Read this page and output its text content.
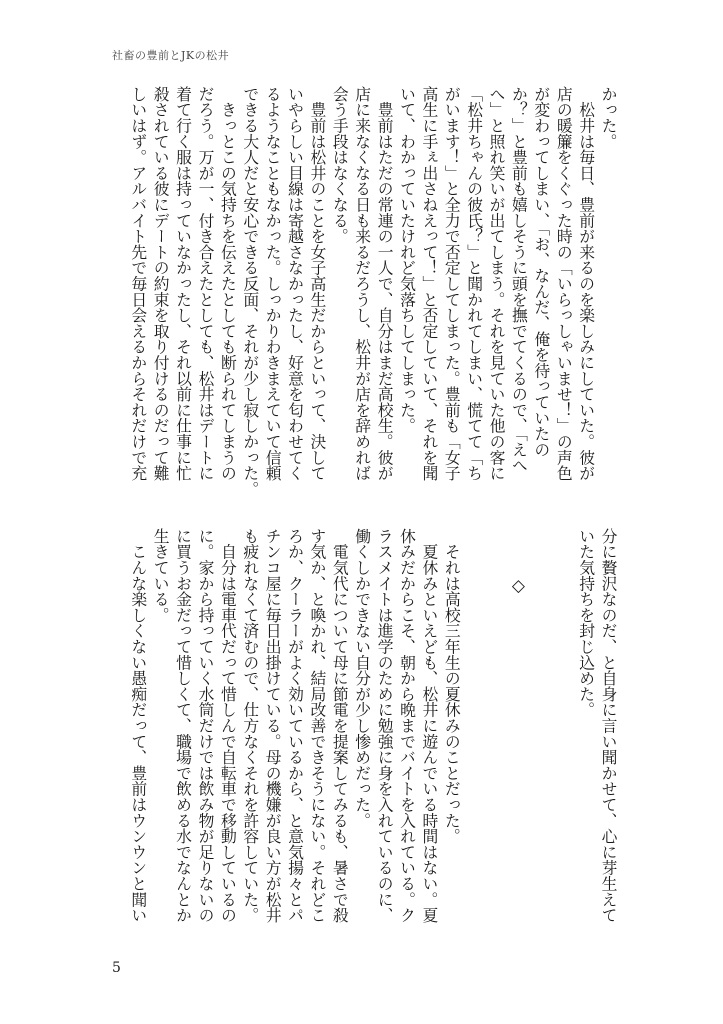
社畜の豊前とJKの松井
かった。
　松井は毎日、豊前が来るのを楽しみにしていた。彼が
店の暖簾をくぐった時の「いらっしゃいませ！」の声色
が変わってしまい、「お、なんだ、俺を待っていたの
か？」と豊前も嬉しそうに頭を撫でてくるので、「えへ
へ」と照れ笑いが出てしまう。それを見ていた他の客に
「松井ちゃんの彼氏？」と聞かれてしまい、慌てて「ち
がいます！」と全力で否定してしまった。豊前も「女子
高生に手ぇ出さねえって！」と否定していて、それを聞
いて、わかっていたけれど気落ちしてしまった。
　豊前はただの常連の一人で、自分はまだ高校生。彼が
店に来なくなる日も来るだろうし、松井が店を辞めれば
会う手段はなくなる。
　豊前は松井のことを女子高生だからといって、決して
いやらしい目線は寄越さなかったし、好意を匂わせてく
るようなこともなかった。しっかりわきまえていて信頼
できる大人だと安心できる反面、それが少し寂しかった。
　きっとこの気持ちを伝えたとしても断られてしまうの
だろう。万が一、付き合えたとしても、松井はデートに
着て行く服は持っていなかったし、それ以前に仕事に忙
殺されている彼にデートの約束を取り付けるのだって難
しいはず。アルバイト先で毎日会えるからそれだけで充
分に贅沢なのだ、と自身に言い聞かせて、心に芽生えて
いた気持ちを封じ込めた。
◇
　それは高校三年生の夏休みのことだった。
　夏休みといえども、松井に遊んでいる時間はない。夏
休みだからこそ、朝から晩までバイトを入れている。ク
ラスメイトは進学のために勉強に身を入れているのに、
働くしかできない自分が少し惨めだった。
　電気代について母に節電を提案してみるも、暑さで殺
す気か、と喚かれ、結局改善できそうにない。それどこ
ろか、クーラーがよく効いているから、と意気揚々とパ
チンコ屋に毎日出掛けている。母の機嫌が良い方が松井
も疲れなくて済むので、仕方なくそれを許容していた。
　自分は電車代だって惜しんで自転車で移動しているの
に。家から持っていく水筒だけでは飲み物が足りないの
に買うお金だって惜しくて、職場で飲める水でなんとか
生きている。
　こんな楽しくない愚痴だって、豊前はウンウンと聞い
5
